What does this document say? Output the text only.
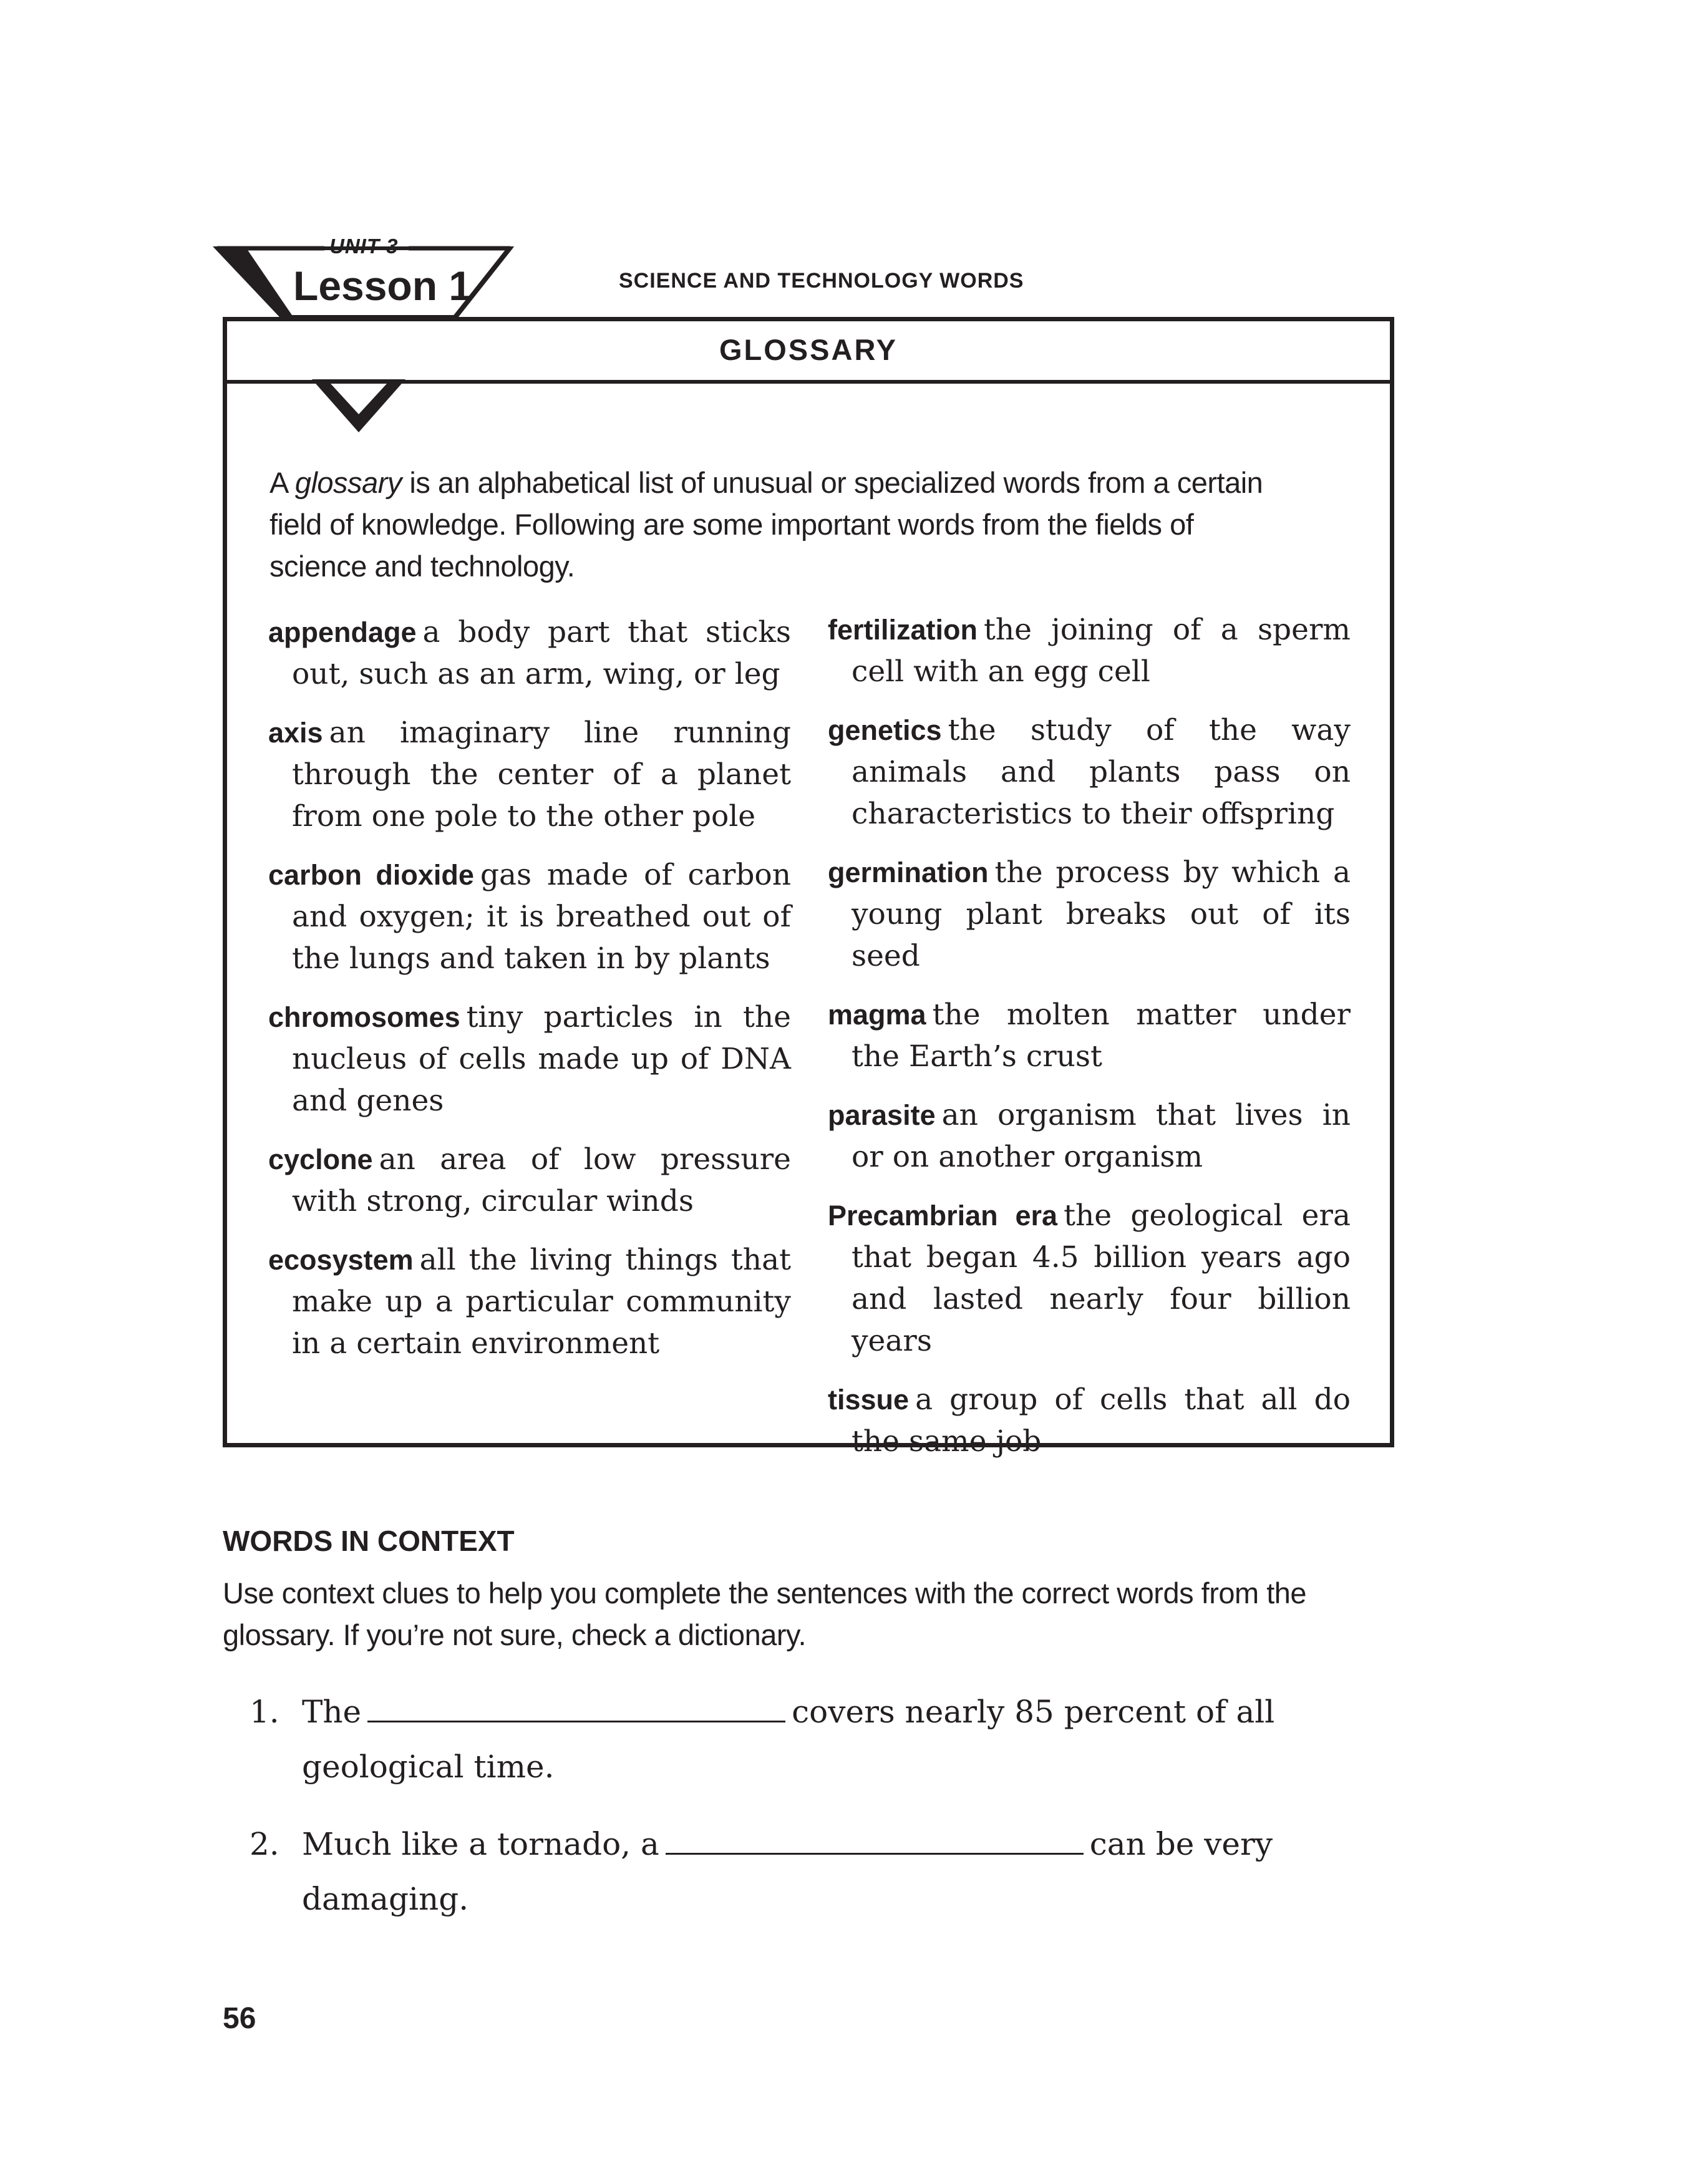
UNIT 3
Lesson 1	SCIENCE AND TECHNOLOGY WORDS
GLOSSARY
A glossary is an alphabetical list of unusual or specialized words from a certain field of knowledge. Following are some important words from the fields of science and technology.
appendage a body part that sticks out, such as an arm, wing, or leg
axis an imaginary line running through the center of a planet from one pole to the other pole
carbon dioxide gas made of carbon and oxygen; it is breathed out of the lungs and taken in by plants
chromosomes tiny particles in the nucleus of cells made up of DNA and genes
cyclone an area of low pressure with strong, circular winds
ecosystem all the living things that make up a particular community in a certain environment
fertilization the joining of a sperm cell with an egg cell
genetics the study of the way animals and plants pass on characteristics to their offspring
germination the process by which a young plant breaks out of its seed
magma the molten matter under the Earth’s crust
parasite an organism that lives in or on another organism
Precambrian era the geological era that began 4.5 billion years ago and lasted nearly four billion years
tissue a group of cells that all do the same job
WORDS IN CONTEXT
Use context clues to help you complete the sentences with the correct words from the glossary. If you’re not sure, check a dictionary.
1. The	covers nearly 85 percent of all geological time.
2. Much like a tornado, a	can be very damaging.
56
